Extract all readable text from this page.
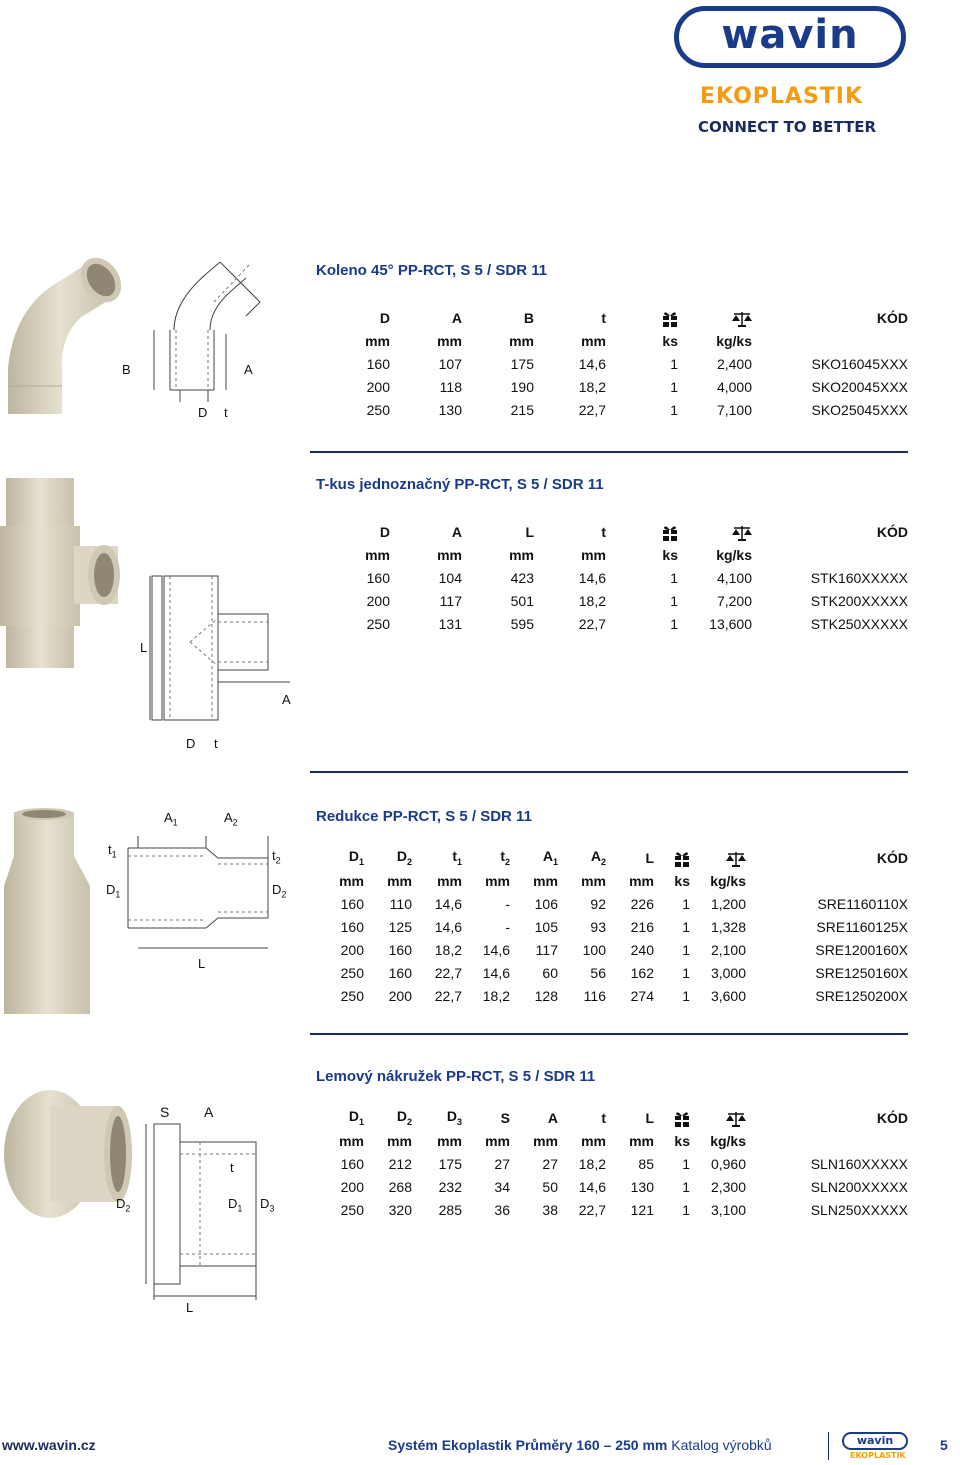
wavin
EKOPLASTIK
CONNECT TO BETTER
Koleno 45° PP-RCT, S 5 / SDR 11
B	A
D t
D	A	B	t			KÓD
mm	mm	mm	mm	ks	kg/ks	
160	107	175	14,6	1	2,400	SKO16045XXX
200	118	190	18,2	1	4,000	SKO20045XXX
250	130	215	22,7	1	7,100	SKO25045XXX
T-kus jednoznačný PP-RCT, S 5 / SDR 11
L
A
D t
D	A	L	t			KÓD
mm	mm	mm	mm	ks	kg/ks	
160	104	423	14,6	1	4,100	STK160XXXXX
200	117	501	18,2	1	7,200	STK200XXXXX
250	131	595	22,7	1	13,600	STK250XXXXX
Redukce PP-RCT, S 5 / SDR 11
$A_1$	$A_2$
$t_1$	$t_2$
$D_1$	$D_2$
L
$D_1$	$D_2$	$t_1$	$t_2$	$A_1$	$A_2$	L			KÓD
mm	mm	mm	mm	mm	mm	mm	ks	kg/ks	
160	110	14,6	-	106	92	226	1	1,200	SRE1160110X
160	125	14,6	-	105	93	216	1	1,328	SRE1160125X
200	160	18,2	14,6	117	100	240	1	2,100	SRE1200160X
250	160	22,7	14,6	60	56	162	1	3,000	SRE1250160X
250	200	22,7	18,2	128	116	274	1	3,600	SRE1250200X
Lemový nákružek PP-RCT, S 5 / SDR 11
S A
t
$D_2$	$D_1$ $D_3$
L
$D_1$	$D_2$	$D_3$	S	A	t	L			KÓD
mm	mm	mm	mm	mm	mm	mm	ks	kg/ks	
160	212	175	27	27	18,2	85	1	0,960	SLN160XXXXX
200	268	232	34	50	14,6	130	1	2,300	SLN200XXXXX
250	320	285	36	38	22,7	121	1	3,100	SLN250XXXXX
www.wavin.cz	Systém Ekoplastik Průměry 160 – 250 mm Katalog výrobků	wavin
EKOPLASTIK
5
